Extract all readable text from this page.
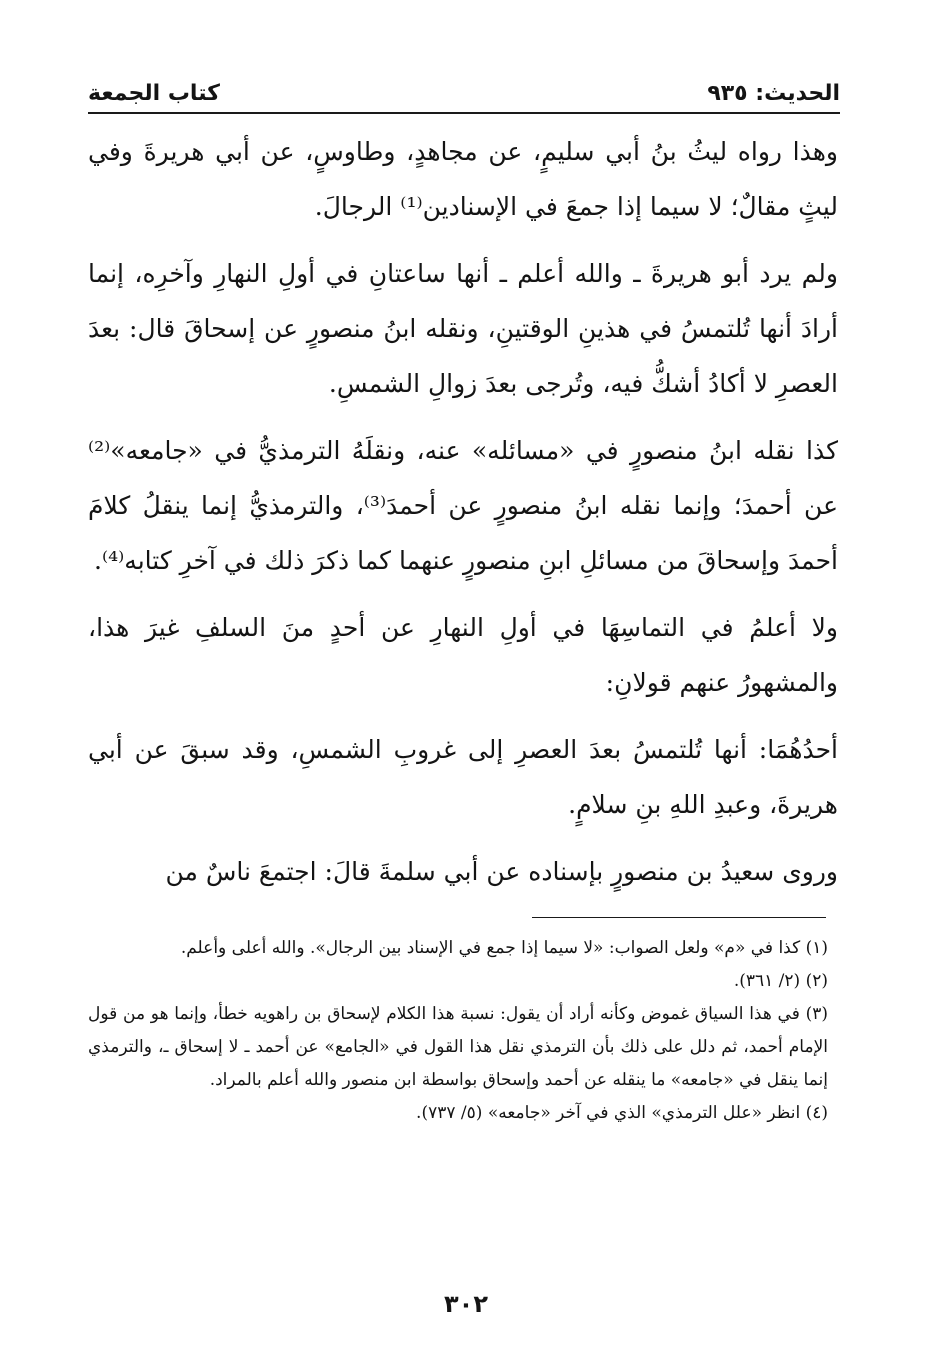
الحديث: ٩٣٥
كتاب الجمعة

وهذا رواه ليثُ بنُ أبي سليمٍ، عن مجاهدٍ، وطاوسٍ، عن أبي هريرةَ وفي ليثٍ مقالٌ؛ لا سيما إذا جمعَ في الإسنادين⁽¹⁾ الرجالَ.

ولم يرد أبو هريرةَ ـ والله أعلم ـ أنها ساعتانِ في أولِ النهارِ وآخرِه، إنما أرادَ أنها تُلتمسُ في هذينِ الوقتينِ، ونقله ابنُ منصورٍ عن إسحاقَ قال: بعدَ العصرِ لا أكادُ أشكُّ فيه، وتُرجى بعدَ زوالِ الشمسِ.

كذا نقله ابنُ منصورٍ في «مسائله» عنه، ونقلَهُ الترمذيُّ في «جامعه»⁽²⁾ عن أحمدَ؛ وإنما نقله ابنُ منصورٍ عن أحمدَ⁽³⁾، والترمذيُّ إنما ينقلُ كلامَ أحمدَ وإسحاقَ من مسائلِ ابنِ منصورٍ عنهما كما ذكرَ ذلك في آخرِ كتابه⁽⁴⁾.

ولا أعلمُ في التماسِهَا في أولِ النهارِ عن أحدٍ منَ السلفِ غيرَ هذا، والمشهورُ عنهم قولانِ:

أحدُهُمَا: أنها تُلتمسُ بعدَ العصرِ إلى غروبِ الشمسِ، وقد سبقَ عن أبي هريرةَ، وعبدِ اللهِ بنِ سلامٍ.

وروى سعيدُ بن منصورٍ بإسناده عن أبي سلمةَ قالَ: اجتمعَ ناسٌ من

(١) كذا في «م» ولعل الصواب: «لا سيما إذا جمع في الإسناد بين الرجال». والله أعلى وأعلم.

(٢) (٢/ ٣٦١).

(٣) في هذا السياق غموض وكأنه أراد أن يقول: نسبة هذا الكلام لإسحاق بن راهويه خطأ، وإنما هو من قول الإمام أحمد، ثم دلل على ذلك بأن الترمذي نقل هذا القول في «الجامع» عن أحمد ـ لا إسحاق ـ، والترمذي إنما ينقل في «جامعه» ما ينقله عن أحمد وإسحاق بواسطة ابن منصور والله أعلم بالمراد.

(٤) انظر «علل الترمذي» الذي في آخر «جامعه» (٥/ ٧٣٧).

٣٠٢
